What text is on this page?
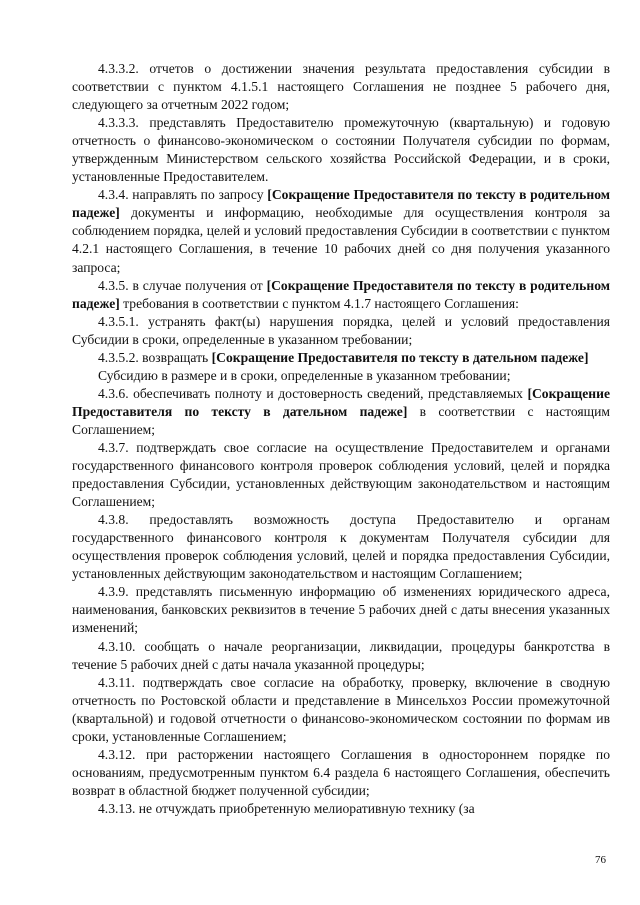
4.3.3.2. отчетов о достижении значения результата предоставления субсидии в соответствии с пунктом 4.1.5.1 настоящего Соглашения не позднее 5 рабочего дня, следующего за отчетным 2022 годом;

4.3.3.3. представлять Предоставителю промежуточную (квартальную) и годовую отчетность о финансово-экономическом о состоянии Получателя субсидии по формам, утвержденным Министерством сельского хозяйства Российской Федерации, и в сроки, установленные Предоставителем.

4.3.4. направлять по запросу [Сокращение Предоставителя по тексту в родительном падеже] документы и информацию, необходимые для осуществления контроля за соблюдением порядка, целей и условий предоставления Субсидии в соответствии с пунктом 4.2.1 настоящего Соглашения, в течение 10 рабочих дней со дня получения указанного запроса;

4.3.5. в случае получения от [Сокращение Предоставителя по тексту в родительном падеже] требования в соответствии с пунктом 4.1.7 настоящего Соглашения:

4.3.5.1. устранять факт(ы) нарушения порядка, целей и условий предоставления Субсидии в сроки, определенные в указанном требовании;

4.3.5.2. возвращать [Сокращение Предоставителя по тексту в дательном падеже]

Субсидию в размере и в сроки, определенные в указанном требовании;

4.3.6. обеспечивать полноту и достоверность сведений, представляемых [Сокращение Предоставителя по тексту в дательном падеже] в соответствии с настоящим Соглашением;

4.3.7. подтверждать свое согласие на осуществление Предоставителем и органами государственного финансового контроля проверок соблюдения условий, целей и порядка предоставления Субсидии, установленных действующим законодательством и настоящим Соглашением;

4.3.8. предоставлять возможность доступа Предоставителю и органам государственного финансового контроля к документам Получателя субсидии для осуществления проверок соблюдения условий, целей и порядка предоставления Субсидии, установленных действующим законодательством и настоящим Соглашением;

4.3.9. представлять письменную информацию об изменениях юридического адреса, наименования, банковских реквизитов в течение 5 рабочих дней с даты внесения указанных изменений;

4.3.10. сообщать о начале реорганизации, ликвидации, процедуры банкротства в течение 5 рабочих дней с даты начала указанной процедуры;

4.3.11. подтверждать свое согласие на обработку, проверку, включение в сводную отчетность по Ростовской области и представление в Минсельхоз России промежуточной (квартальной) и годовой отчетности о финансово-экономическом состоянии по формам ив сроки, установленные Соглашением;

4.3.12. при расторжении настоящего Соглашения в одностороннем порядке по основаниям, предусмотренным пунктом 6.4 раздела 6 настоящего Соглашения, обеспечить возврат в областной бюджет полученной субсидии;

4.3.13. не отчуждать приобретенную мелиоративную технику (за

76
